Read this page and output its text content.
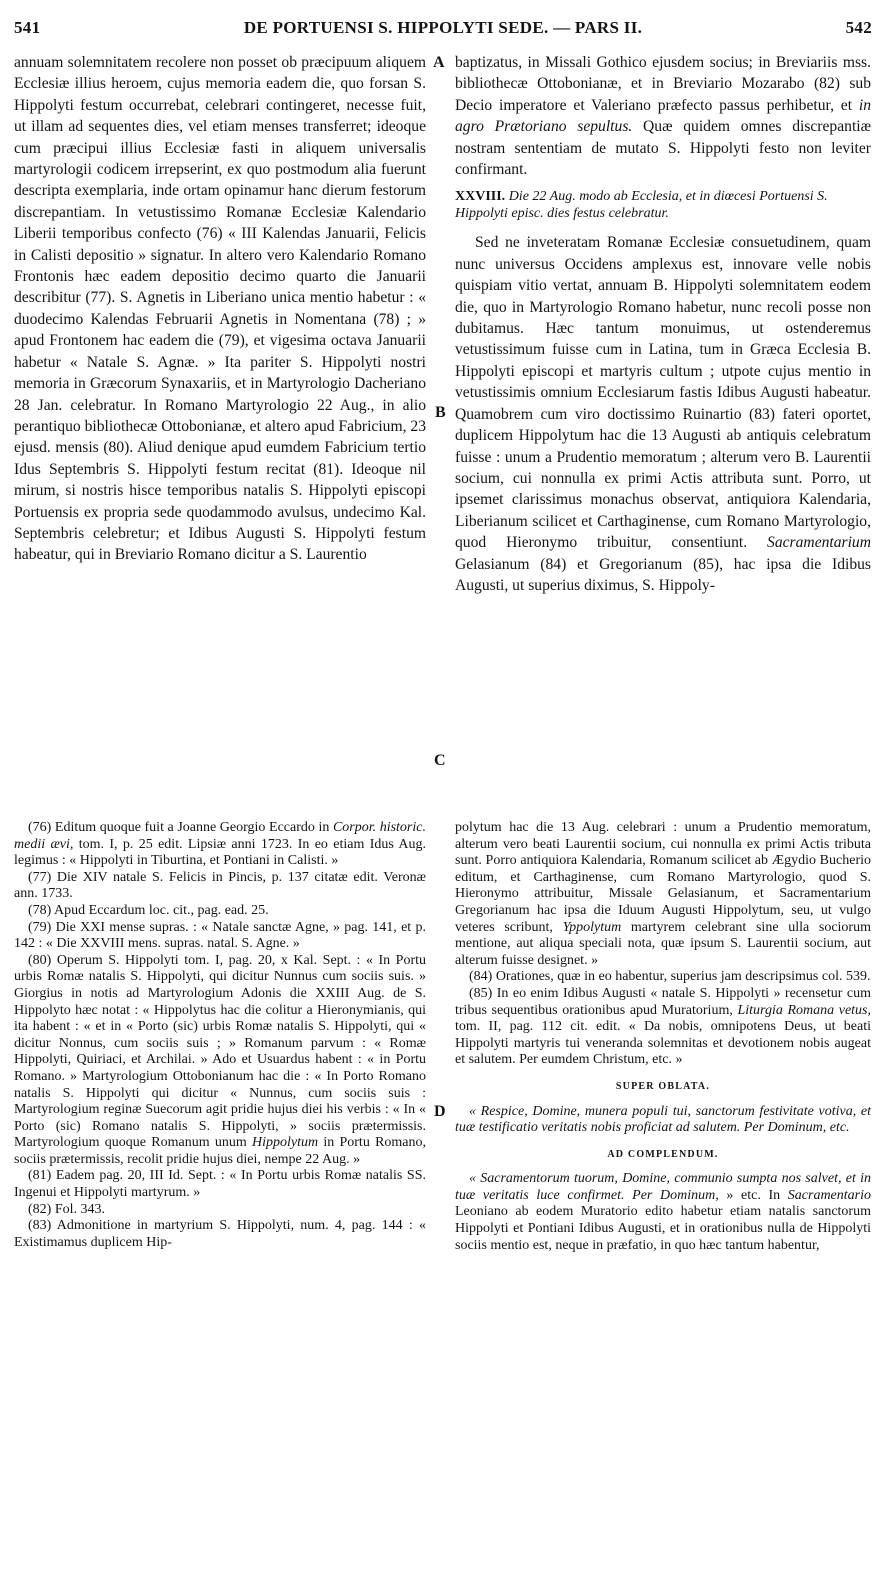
541	DE PORTUENSI S. HIPPOLYTI SEDE. — PARS II.	542
A
B
C
D

annuam solemnitatem recolere non posset ob præcipuum aliquem Ecclesiæ illius heroem, cujus memoria eadem die, quo forsan S. Hippolyti festum occurrebat, celebrari contingeret, necesse fuit, ut illam ad sequentes dies, vel etiam menses transferret; ideoque cum præcipui illius Ecclesiæ fasti in aliquem universalis martyrologii codicem irrepserint, ex quo postmodum alia fuerunt descripta exemplaria, inde ortam opinamur hanc dierum festorum discrepantiam. In vetustissimo Romanæ Ecclesiæ Kalendario Liberii temporibus confecto (76) « III Kalendas Januarii, Felicis in Calisti depositio » signatur. In altero vero Kalendario Romano Frontonis hæc eadem depositio decimo quarto die Januarii describitur (77). S. Agnetis in Liberiano unica mentio habetur : « duodecimo Kalendas Februarii Agnetis in Nomentana (78) ; » apud Frontonem hac eadem die (79), et vigesima octava Januarii habetur « Natale S. Agnæ. » Ita pariter S. Hippolyti nostri memoria in Græcorum Synaxariis, et in Martyrologio Dacheriano 28 Jan. celebratur. In Romano Martyrologio 22 Aug., in alio perantiquo bibliothecæ Ottobonianæ, et altero apud Fabricium, 23 ejusd. mensis (80). Aliud denique apud eumdem Fabricium tertio Idus Septembris S. Hippolyti festum recitat (81). Ideoque nil mirum, si nostris hisce temporibus natalis S. Hippolyti episcopi Portuensis ex propria sede quodammodo avulsus, undecimo Kal. Septembris celebretur; et Idibus Augusti S. Hippolyti festum habeatur, qui in Breviario Romano dicitur a S. Laurentio

baptizatus, in Missali Gothico ejusdem socius; in Breviariis mss. bibliothecæ Ottobonianæ, et in Breviario Mozarabo (82) sub Decio imperatore et Valeriano præfecto passus perhibetur, et in agro Prætoriano sepultus. Quæ quidem omnes discrepantiæ nostram sententiam de mutato S. Hippolyti festo non leviter confirmant.

XXVIII. Die 22 Aug. modo ab Ecclesia, et in diœcesi Portuensi S. Hippolyti episc. dies festus celebratur.

Sed ne inveteratam Romanæ Ecclesiæ consuetudinem, quam nunc universus Occidens amplexus est, innovare velle nobis quispiam vitio vertat, annuam B. Hippolyti solemnitatem eodem die, quo in Martyrologio Romano habetur, nunc recoli posse non dubitamus. Hæc tantum monuimus, ut ostenderemus vetustissimum fuisse cum in Latina, tum in Græca Ecclesia B. Hippolyti episcopi et martyris cultum ; utpote cujus mentio in vetustissimis omnium Ecclesiarum fastis Idibus Augusti habeatur. Quamobrem cum viro doctissimo Ruinartio (83) fateri oportet, duplicem Hippolytum hac die 13 Augusti ab antiquis celebratum fuisse : unum a Prudentio memoratum ; alterum vero B. Laurentii socium, cui nonnulla ex primi Actis attributa sunt. Porro, ut ipsemet clarissimus monachus observat, antiquiora Kalendaria, Liberianum scilicet et Carthaginense, cum Romano Martyrologio, quod Hieronymo tribuitur, consentiunt. Sacramentarium Gelasianum (84) et Gregorianum (85), hac ipsa die Idibus Augusti, ut superius diximus, S. Hippoly-

(76) Editum quoque fuit a Joanne Georgio Eccardo in Corpor. historic. medii ævi, tom. I, p. 25 edit. Lipsiæ anni 1723. In eo etiam Idus Aug. legimus : « Hippolyti in Tiburtina, et Pontiani in Calisti. »

(77) Die XIV natale S. Felicis in Pincis, p. 137 citatæ edit. Veronæ ann. 1733.

(78) Apud Eccardum loc. cit., pag. ead. 25.

(79) Die XXI mense supras. : « Natale sanctæ Agne, » pag. 141, et p. 142 : « Die XXVIII mens. supras. natal. S. Agne. »

(80) Operum S. Hippolyti tom. I, pag. 20, x Kal. Sept. : « In Portu urbis Romæ natalis S. Hippolyti, qui dicitur Nunnus cum sociis suis. » Giorgius in notis ad Martyrologium Adonis die XXIII Aug. de S. Hippolyto hæc notat : « Hippolytus hac die colitur a Hieronymianis, qui ita habent : « et in « Porto (sic) urbis Romæ natalis S. Hippolyti, qui « dicitur Nonnus, cum sociis suis ; » Romanum parvum : « Romæ Hippolyti, Quiriaci, et Archilai. » Ado et Usuardus habent : « in Portu Romano. » Martyrologium Ottobonianum hac die : « In Porto Romano natalis S. Hippolyti qui dicitur « Nunnus, cum sociis suis : Martyrologium reginæ Suecorum agit pridie hujus diei his verbis : « In « Porto (sic) Romano natalis S. Hippolyti, » sociis prætermissis. Martyrologium quoque Romanum unum Hippolytum in Portu Romano, sociis prætermissis, recolit pridie hujus diei, nempe 22 Aug. »

(81) Eadem pag. 20, III Id. Sept. : « In Portu urbis Romæ natalis SS. Ingenui et Hippolyti martyrum. »

(82) Fol. 343.

(83) Admonitione in martyrium S. Hippolyti, num. 4, pag. 144 : « Existimamus duplicem Hip-

polytum hac die 13 Aug. celebrari : unum a Prudentio memoratum, alterum vero beati Laurentii socium, cui nonnulla ex primi Actis tributa sunt. Porro antiquiora Kalendaria, Romanum scilicet ab Ægydio Bucherio editum, et Carthaginense, cum Romano Martyrologio, quod S. Hieronymo attribuitur, Missale Gelasianum, et Sacramentarium Gregorianum hac ipsa die Iduum Augusti Hippolytum, seu, ut vulgo veteres scribunt, Yppolytum martyrem celebrant sine ulla sociorum mentione, aut aliqua speciali nota, quæ ipsum S. Laurentii socium, aut alterum fuisse designet. »

(84) Orationes, quæ in eo habentur, superius jam descripsimus col. 539.

(85) In eo enim Idibus Augusti « natale S. Hippolyti » recensetur cum tribus sequentibus orationibus apud Muratorium, Liturgia Romana vetus, tom. II, pag. 112 cit. edit. « Da nobis, omnipotens Deus, ut beati Hippolyti martyris tui veneranda solemnitas et devotionem nobis augeat et salutem. Per eumdem Christum, etc. »

SUPER OBLATA.

« Respice, Domine, munera populi tui, sanctorum festivitate votiva, et tuæ testificatio veritatis nobis proficiat ad salutem. Per Dominum, etc.

AD COMPLENDUM.

« Sacramentorum tuorum, Domine, communio sumpta nos salvet, et in tuæ veritatis luce confirmet. Per Dominum, » etc. In Sacramentario Leoniano ab eodem Muratorio edito habetur etiam natalis sanctorum Hippolyti et Pontiani Idibus Augusti, et in orationibus nulla de Hippolyti sociis mentio est, neque in præfatio, in quo hæc tantum habentur,
